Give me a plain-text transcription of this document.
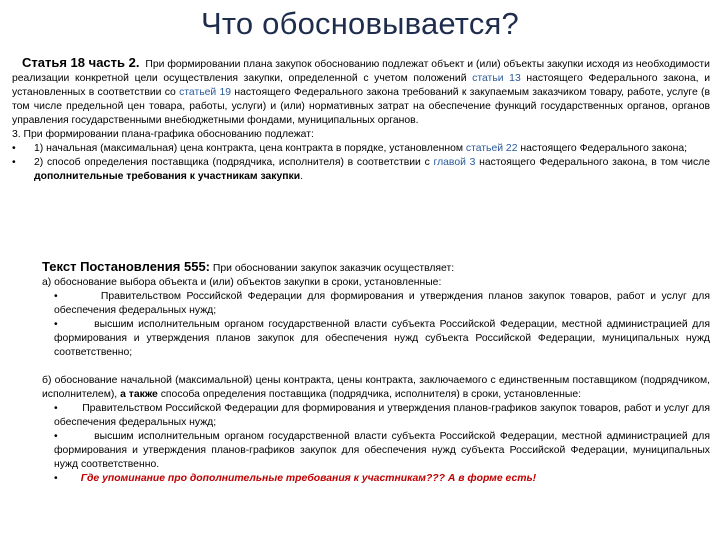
Что обосновывается?

Статья 18 часть 2. При формировании плана закупок обоснованию подлежат объект и (или) объекты закупки исходя из необходимости реализации конкретной цели осуществления закупки, определенной с учетом положений статьи 13 настоящего Федерального закона, и установленных в соответствии со статьей 19 настоящего Федерального закона требований к закупаемым заказчиком товару, работе, услуге (в том числе предельной цен товара, работы, услуги) и (или) нормативных затрат на обеспечение функций государственных органов, органов управления государственными внебюджетными фондами, муниципальных органов.

3. При формировании плана-графика обоснованию подлежат:

•	1) начальная (максимальная) цена контракта, цена контракта в порядке, установленном статьей 22 настоящего Федерального закона;
•	2) способ определения поставщика (подрядчика, исполнителя) в соответствии с главой 3 настоящего Федерального закона, в том числе дополнительные требования к участникам закупки.

Текст Постановления 555: При обосновании закупок заказчик осуществляет:

а) обоснование выбора объекта и (или) объектов закупки в сроки, установленные:

•	Правительством Российской Федерации для формирования и утверждения планов закупок товаров, работ и услуг для обеспечения федеральных нужд;

•	высшим исполнительным органом государственной власти субъекта Российской Федерации, местной администрацией для формирования и утверждения планов закупок для обеспечения нужд субъекта Российской Федерации, муниципальных нужд соответственно;

б) обоснование начальной (максимальной) цены контракта, цены контракта, заключаемого с единственным поставщиком (подрядчиком, исполнителем), а также способа определения поставщика (подрядчика, исполнителя) в сроки, установленные:

• Правительством Российской Федерации для формирования и утверждения планов-графиков закупок товаров, работ и услуг для обеспечения федеральных нужд;

•	высшим исполнительным органом государственной власти субъекта Российской Федерации, местной администрацией для формирования и утверждения планов-графиков закупок для обеспечения нужд субъекта Российской Федерации, муниципальных нужд соответственно.

• Где упоминание про дополнительные требования к участникам??? А в форме есть!
